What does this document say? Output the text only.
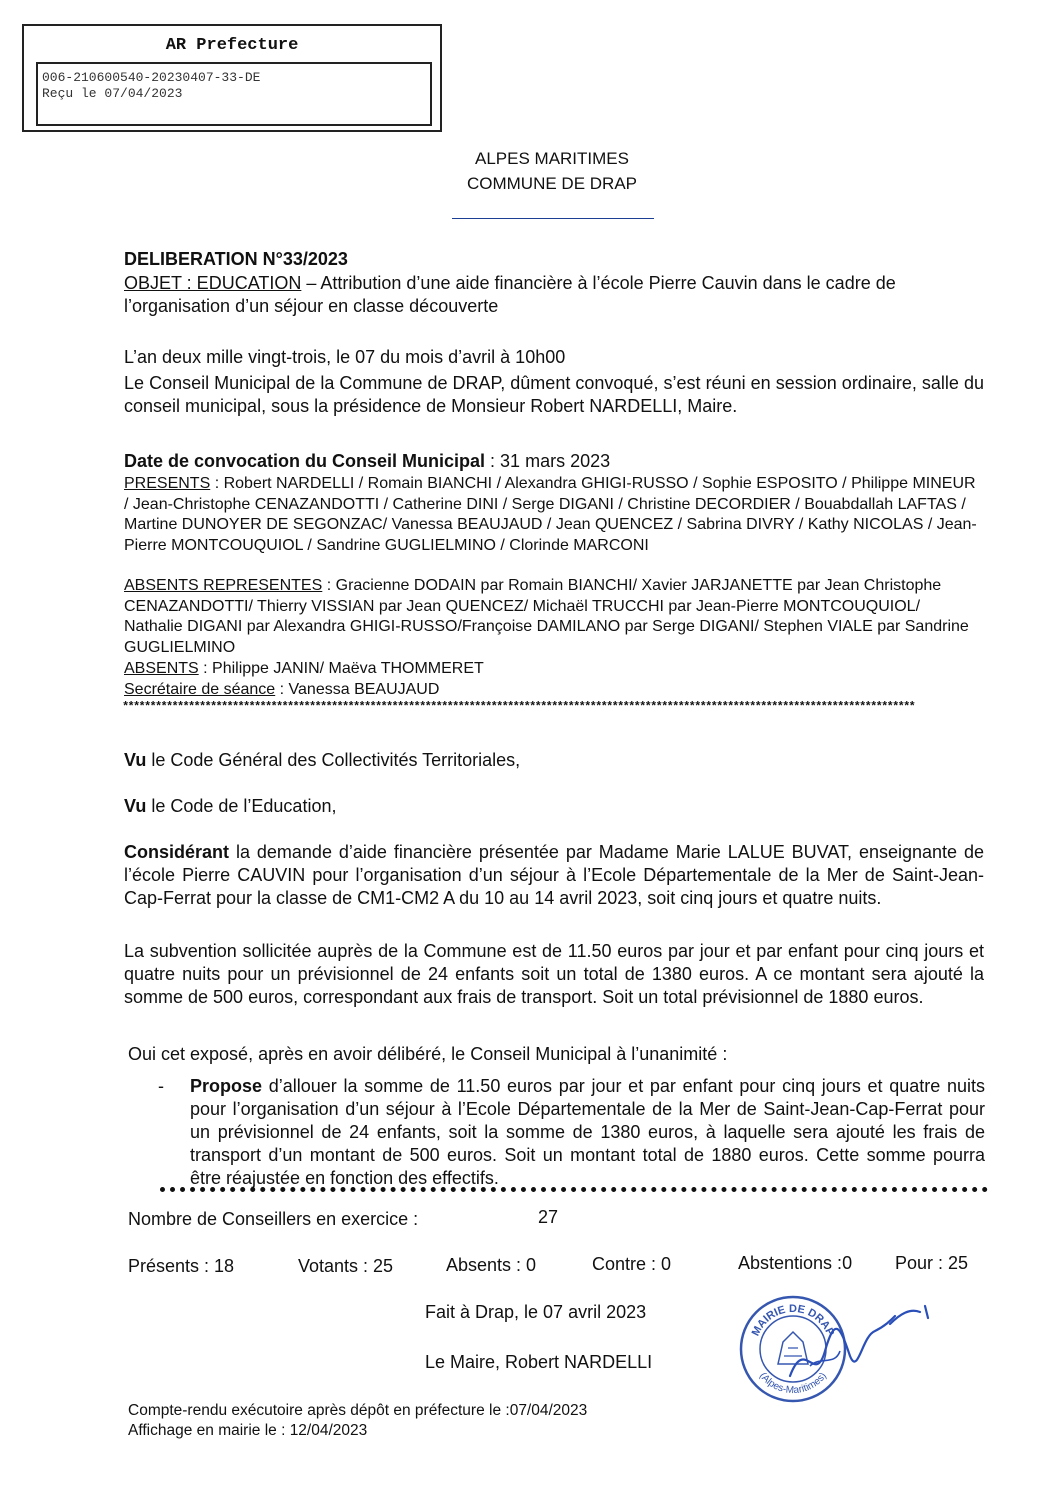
AR Prefecture
006-210600540-20230407-33-DE
Reçu le 07/04/2023
ALPES MARITIMES
COMMUNE DE DRAP
DELIBERATION N°33/2023
OBJET : EDUCATION – Attribution d’une aide financière à l’école Pierre Cauvin dans le cadre de l’organisation d’un séjour en classe découverte
L’an deux mille vingt-trois, le 07 du mois d’avril à 10h00
Le Conseil Municipal de la Commune de DRAP, dûment convoqué, s’est réuni en session ordinaire, salle du conseil municipal, sous la présidence de Monsieur Robert NARDELLI, Maire.
Date de convocation du Conseil Municipal : 31 mars 2023
PRESENTS : Robert NARDELLI / Romain BIANCHI / Alexandra GHIGI-RUSSO / Sophie ESPOSITO / Philippe MINEUR / Jean-Christophe CENAZANDOTTI / Catherine DINI / Serge DIGANI / Christine DECORDIER / Bouabdallah LAFTAS / Martine DUNOYER DE SEGONZAC/ Vanessa BEAUJAUD / Jean QUENCEZ / Sabrina DIVRY / Kathy NICOLAS / Jean-Pierre MONTCOUQUIOL / Sandrine GUGLIELMINO / Clorinde MARCONI
ABSENTS REPRESENTES : Gracienne DODAIN par Romain BIANCHI/ Xavier JARJANETTE par Jean Christophe CENAZANDOTTI/ Thierry VISSIAN par Jean QUENCEZ/ Michaël TRUCCHI par Jean-Pierre MONTCOUQUIOL/ Nathalie DIGANI par Alexandra GHIGI-RUSSO/Françoise DAMILANO par Serge DIGANI/ Stephen VIALE par Sandrine GUGLIELMINO
ABSENTS : Philippe JANIN/ Maëva THOMMERET
Secrétaire de séance : Vanessa BEAUJAUD
************************************************************************************************************************************************
Vu le Code Général des Collectivités Territoriales,
Vu le Code de l’Education,
Considérant la demande d’aide financière présentée par Madame Marie LALUE BUVAT, enseignante de l’école Pierre CAUVIN pour l’organisation d’un séjour à l’Ecole Départementale de la Mer de Saint-Jean-Cap-Ferrat pour la classe de CM1-CM2 A du 10 au 14 avril 2023, soit cinq jours et quatre nuits.
La subvention sollicitée auprès de la Commune est de 11.50 euros par jour et par enfant pour cinq jours et quatre nuits pour un prévisionnel de 24 enfants soit un total de 1380 euros. A ce montant sera ajouté la somme de 500 euros, correspondant aux frais de transport. Soit un total prévisionnel de 1880 euros.
Oui cet exposé, après en avoir délibéré, le Conseil Municipal à l’unanimité :
- Propose d’allouer la somme de 11.50 euros par jour et par enfant pour cinq jours et quatre nuits pour l’organisation d’un séjour à l’Ecole Départementale de la Mer de Saint-Jean-Cap-Ferrat pour un prévisionnel de 24 enfants, soit la somme de 1380 euros, à laquelle sera ajouté les frais de transport d’un montant de 500 euros. Soit un montant total de 1880 euros. Cette somme pourra être réajustée en fonction des effectifs.
Nombre de Conseillers en exercice :	27
Présents : 18	Votants : 25	Absents : 0	Contre : 0	Abstentions :0 Pour : 25
Fait à Drap, le 07 avril 2023
Le Maire, Robert NARDELLI
MAIRIE DE DRAP
(Alpes-Maritimes)
Compte-rendu exécutoire après dépôt en préfecture le :07/04/2023
Affichage en mairie le : 12/04/2023
